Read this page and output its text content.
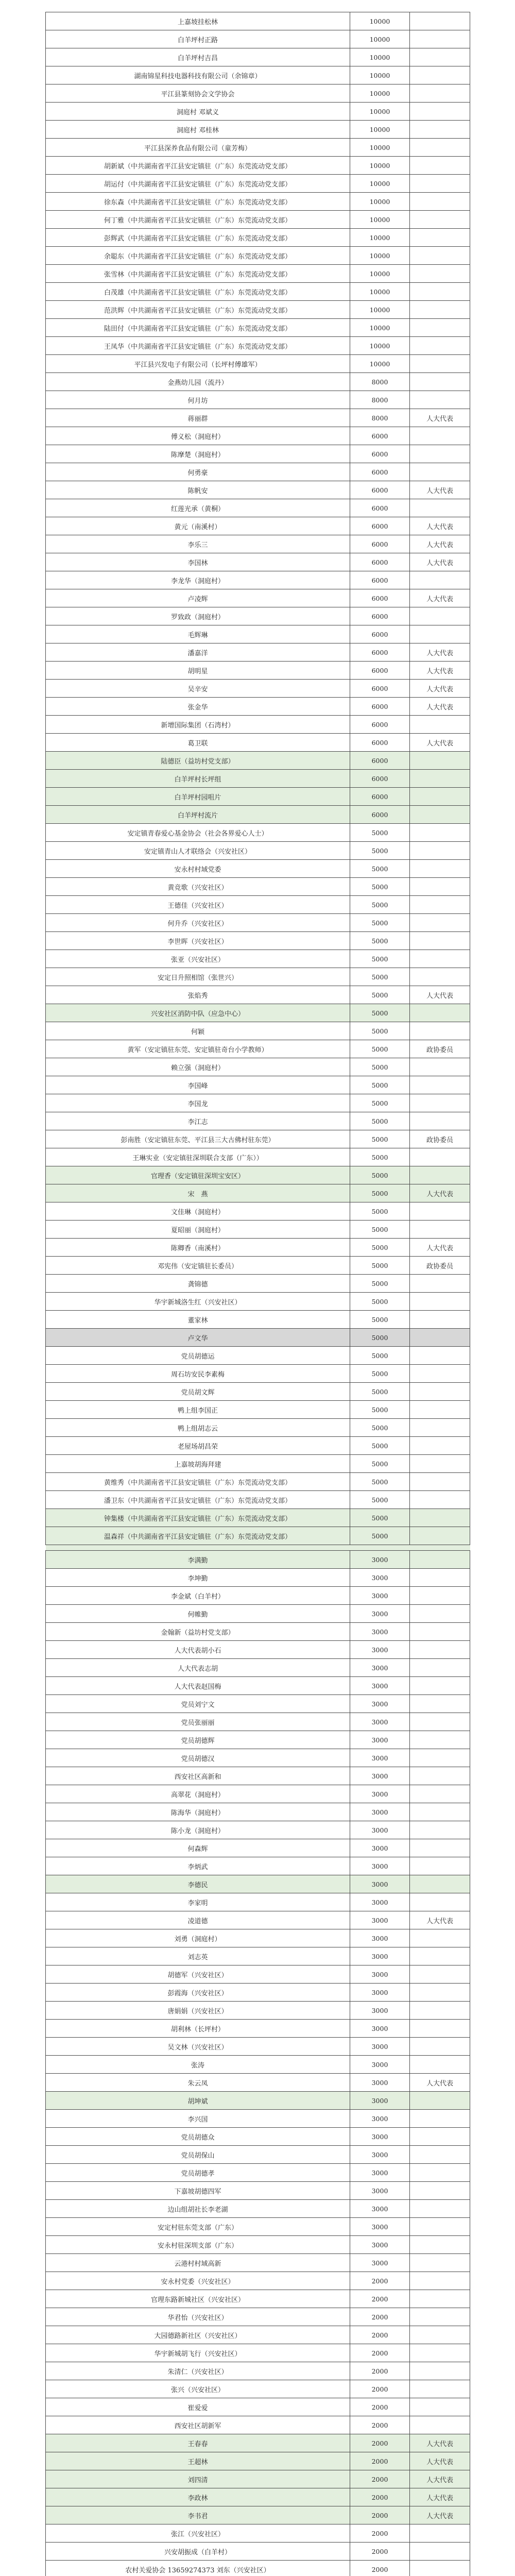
上嘉坡挂松林	10000	
白羊坪村正路	10000	
白羊坪村吉昌	10000	
湖南锦星科技电器科技有限公司（余锦章）	10000	
平江县篆刻协会文学协会	10000	
洞庭村 邓斌义	10000	
洞庭村 邓桂林	10000	
平江县深养食品有限公司（童芳梅）	10000	
胡新斌（中共湖南省平江县安定镇驻（广东）东莞流动党支部）	10000	
胡运付（中共湖南省平江县安定镇驻（广东）东莞流动党支部）	10000	
徐东森（中共湖南省平江县安定镇驻（广东）东莞流动党支部）	10000	
何丁雅（中共湖南省平江县安定镇驻（广东）东莞流动党支部）	10000	
彭辉武（中共湖南省平江县安定镇驻（广东）东莞流动党支部）	10000	
余聪东（中共湖南省平江县安定镇驻（广东）东莞流动党支部）	10000	
张雪林（中共湖南省平江县安定镇驻（广东）东莞流动党支部）	10000	
白茂雄（中共湖南省平江县安定镇驻（广东）东莞流动党支部）	10000	
范洪辉（中共湖南省平江县安定镇驻（广东）东莞流动党支部）	10000	
陆田付（中共湖南省平江县安定镇驻（广东）东莞流动党支部）	10000	
王凤华（中共湖南省平江县安定镇驻（广东）东莞流动党支部）	10000	
平江县兴发电子有限公司（长坪村傅雄军）	10000	
金燕幼儿园（流丹）	8000	
何月坊	8000	
蒋丽群	8000	人大代表
傅义松（洞庭村）	6000	
陈摩楚（洞庭村）	6000	
何勇豪	6000	
陈帆安	6000	人大代表
红莲光承（黄桐）	6000	
黄元（南溪村）	6000	人大代表
李乐三	6000	人大代表
李国林	6000	人大代表
李龙华（洞庭村）	6000	
卢凌辉	6000	人大代表
罗致政（洞庭村）	6000	
毛辉琳	6000	
潘嘉洋	6000	人大代表
胡明星	6000	人大代表
吴辛安	6000	人大代表
张金华	6000	人大代表
新增国际集团（石湾村）	6000	
葛卫联	6000	人大代表
陆德臣（益坊村党支部）	6000	
白羊坪村长坪组	6000	
白羊坪村园咀片	6000	
白羊坪村流片	6000	
安定镇青春爱心基金协会（社会各界爱心人士）	5000	
安定镇青山人才联络会（兴安社区）	5000	
安永村村域党委	5000	
黄竞歌（兴安社区）	5000	
王德佳（兴安社区）	5000	
何升乔（兴安社区）	5000	
李世晖（兴安社区）	5000	
张亚（兴安社区）	5000	
安定日升照相馆（张世兴）	5000	
张焰秀	5000	人大代表
兴安社区消防中队（应急中心）	5000	
何颖	5000	
黄军（安定镇驻东莞、安定镇驻奇台小学教师）	5000	政协委员
赖立强（洞庭村）	5000	
李国峰	5000	
李国龙	5000	
李江志	5000	
彭南胜（安定镇驻东莞、平江县三大古佛村驻东莞）	5000	政协委员
王琳实业（安定镇驻深圳联合支部（广东））	5000	
官理香（安定镇驻深圳宝安区）	5000	
宋　燕	5000	人大代表
文佳琳（洞庭村）	5000	
夏昭丽（洞庭村）	5000	
陈卿香（南溪村）	5000	人大代表
邓宪伟（安定镇驻长委员）	5000	政协委员
龚锦德	5000	
华宇新城洛生红（兴安社区）	5000	
董家林	5000	
卢文华	5000	
党员胡德运	5000	
周石坊安民李素梅	5000	
党员胡文辉	5000	
鸭上组李国正	5000	
鸭上组胡志云	5000	
老屋场胡昌荣	5000	
上嘉坡胡海拜建	5000	
黄维秀（中共湖南省平江县安定镇驻（广东）东莞流动党支部）	5000	
潘卫东（中共湖南省平江县安定镇驻（广东）东莞流动党支部）	5000	
钟集楼（中共湖南省平江县安定镇驻（广东）东莞流动党支部）	5000	
温森祥（中共湖南省平江县安定镇驻（广东）东莞流动党支部）	5000	

李满勤	3000	
李坤勤	3000	
李金斌（白羊村）	3000	
何帷勤	3000	
金翰新（益坊村党支部）	3000	
人大代表胡小石	3000	
人大代表志胡	3000	
人大代表赵国梅	3000	
党员刘宁文	3000	
党员张丽丽	3000	
党员胡德辉	3000	
党员胡德汉	3000	
西安社区高新和	3000	
高翠花（洞庭村）	3000	
陈海华（洞庭村）	3000	
陈小龙（洞庭村）	3000	
何森辉	3000	
李炳武	3000	
李德民	3000	
李家明	3000	
凌道德	3000	人大代表
刘勇（洞庭村）	3000	
刘志英	3000	
胡德军（兴安社区）	3000	
彭霞海（兴安社区）	3000	
唐娟娟（兴安社区）	3000	
胡利林（长坪村）	3000	
吴文林（兴安社区）	3000	
张涛	3000	
朱云凤	3000	人大代表
胡坤斌	3000	
李兴国	3000	
党员胡德众	3000	
党员胡保山	3000	
党员胡德孝	3000	
下嘉坡胡德四军	3000	
边山组胡社长李老湖	3000	
安定村驻东莞支部（广东）	3000	
安永村驻深圳支部（广东）	3000	
云港村村域高新	3000	
安永村党委（兴安社区）	2000	
官理东路新城社区（兴安社区）	2000	
华君怡（兴安社区）	2000	
大园德路新社区（兴安社区）	2000	
华宇新城胡飞行（兴安社区）	2000	
朱清仁（兴安社区）	2000	
张兴（兴安社区）	2000	
崔爱爱	2000	
西安社区胡新军	2000	
王春春	2000	人大代表
王超林	2000	人大代表
刘四清	2000	人大代表
李政林	2000	人大代表
李书君	2000	人大代表
张江（兴安社区）	2000	
兴安胡振成（白羊村）	2000	
农村关爱协会 13659274373 刘东（兴安社区）	2000	
